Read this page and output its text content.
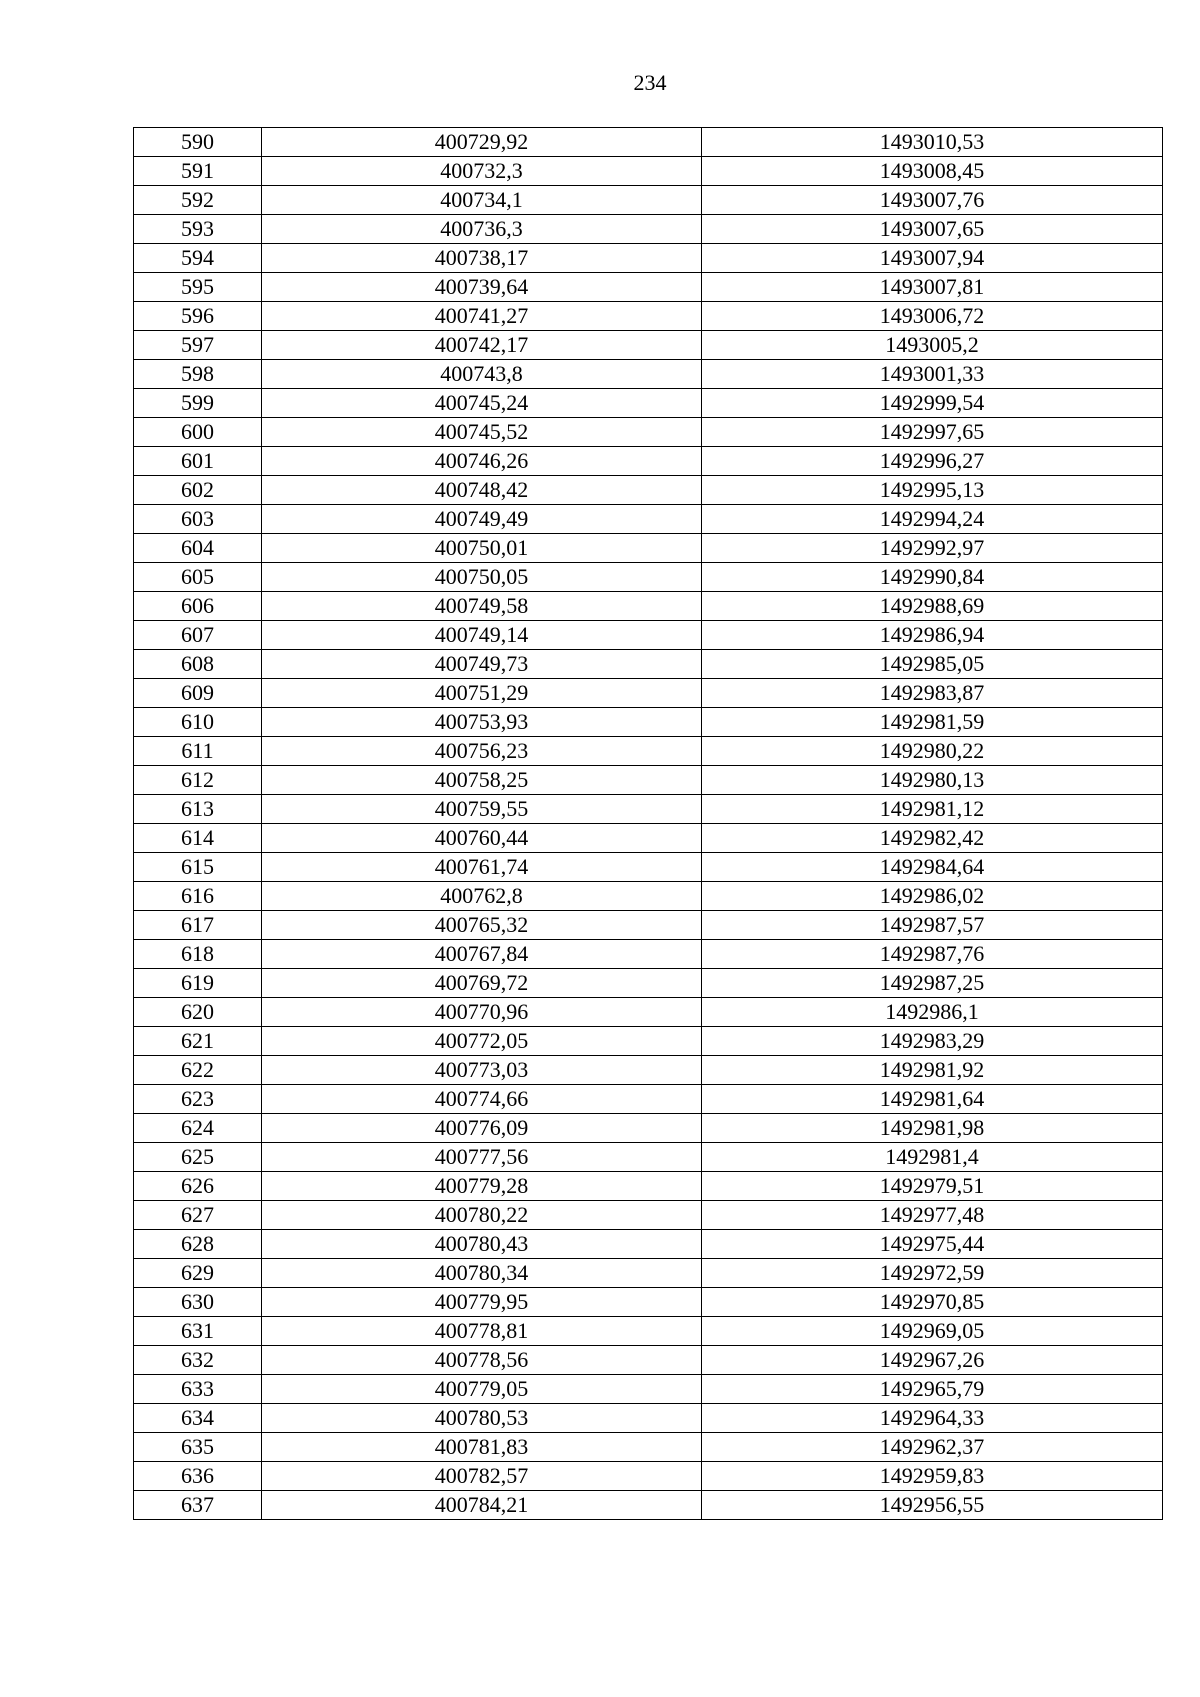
234
590	400729,92	1493010,53
591	400732,3	1493008,45
592	400734,1	1493007,76
593	400736,3	1493007,65
594	400738,17	1493007,94
595	400739,64	1493007,81
596	400741,27	1493006,72
597	400742,17	1493005,2
598	400743,8	1493001,33
599	400745,24	1492999,54
600	400745,52	1492997,65
601	400746,26	1492996,27
602	400748,42	1492995,13
603	400749,49	1492994,24
604	400750,01	1492992,97
605	400750,05	1492990,84
606	400749,58	1492988,69
607	400749,14	1492986,94
608	400749,73	1492985,05
609	400751,29	1492983,87
610	400753,93	1492981,59
611	400756,23	1492980,22
612	400758,25	1492980,13
613	400759,55	1492981,12
614	400760,44	1492982,42
615	400761,74	1492984,64
616	400762,8	1492986,02
617	400765,32	1492987,57
618	400767,84	1492987,76
619	400769,72	1492987,25
620	400770,96	1492986,1
621	400772,05	1492983,29
622	400773,03	1492981,92
623	400774,66	1492981,64
624	400776,09	1492981,98
625	400777,56	1492981,4
626	400779,28	1492979,51
627	400780,22	1492977,48
628	400780,43	1492975,44
629	400780,34	1492972,59
630	400779,95	1492970,85
631	400778,81	1492969,05
632	400778,56	1492967,26
633	400779,05	1492965,79
634	400780,53	1492964,33
635	400781,83	1492962,37
636	400782,57	1492959,83
637	400784,21	1492956,55
